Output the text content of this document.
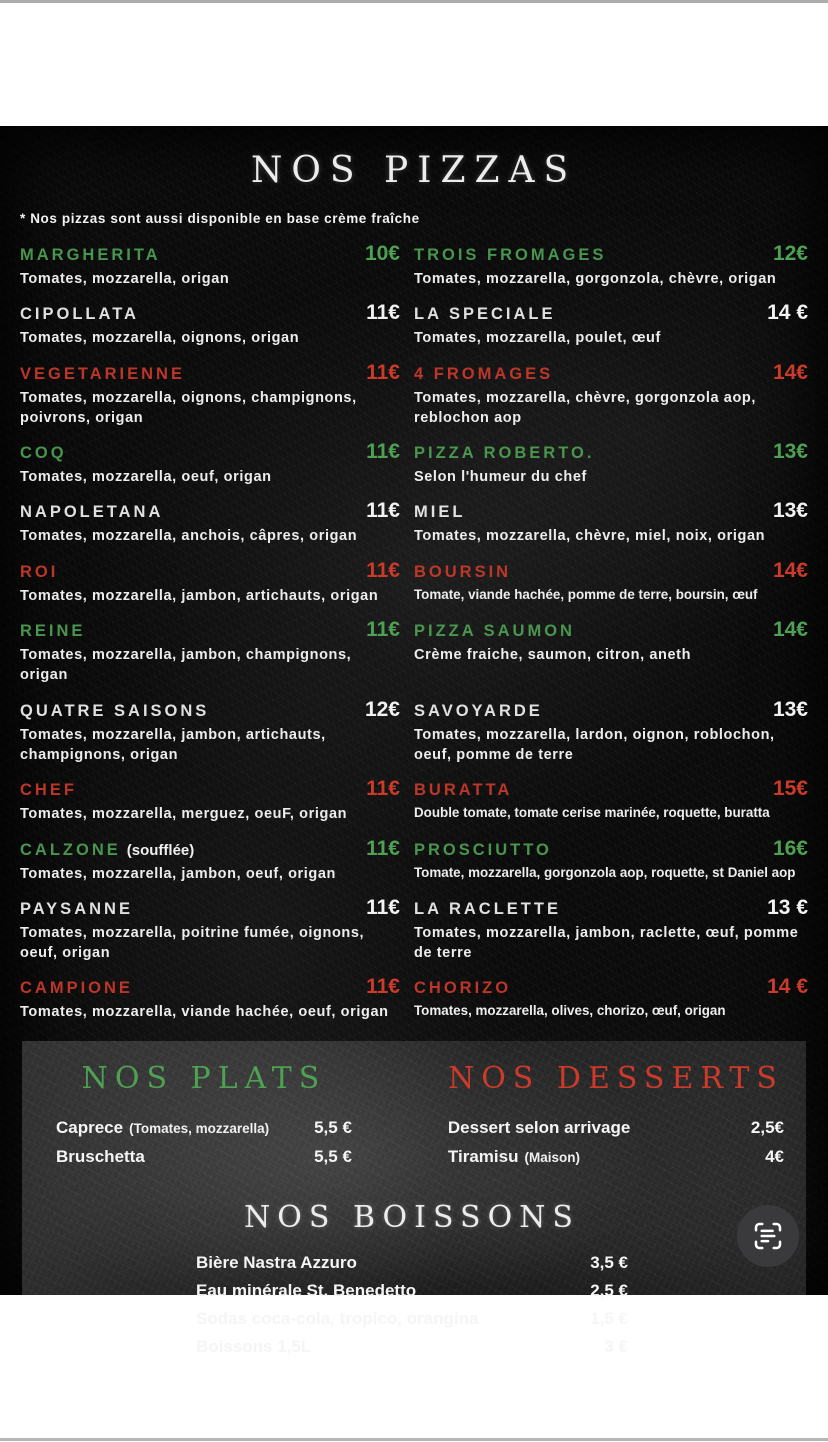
NOS PIZZAS

* Nos pizzas sont aussi disponible en base crème fraîche

MARGHERITA	10€
Tomates, mozzarella, origan
TROIS FROMAGES	12€
Tomates, mozzarella, gorgonzola, chèvre, origan
CIPOLLATA	11€
Tomates, mozzarella, oignons, origan
LA SPECIALE	14 €
Tomates, mozzarella, poulet, œuf
VEGETARIENNE	11€
Tomates, mozzarella, oignons, champignons, poivrons, origan
4 FROMAGES	14€
Tomates, mozzarella, chèvre, gorgonzola aop, reblochon aop
COQ	11€
Tomates, mozzarella, oeuf, origan
PIZZA ROBERTO.	13€
Selon l'humeur du chef
NAPOLETANA	11€
Tomates, mozzarella, anchois, câpres, origan
MIEL	13€
Tomates, mozzarella, chèvre, miel, noix, origan
ROI	11€
Tomates, mozzarella, jambon, artichauts, origan
BOURSIN	14€
Tomate, viande hachée, pomme de terre, boursin, œuf
REINE	11€
Tomates, mozzarella, jambon, champignons, origan
PIZZA SAUMON	14€
Crème fraiche, saumon, citron, aneth
QUATRE SAISONS	12€
Tomates, mozzarella, jambon, artichauts, champignons, origan
SAVOYARDE	13€
Tomates, mozzarella, lardon, oignon, roblochon, oeuf, pomme de terre
CHEF	11€
Tomates, mozzarella, merguez, oeuF, origan
BURATTA	15€
Double tomate, tomate cerise marinée, roquette, buratta
CALZONE (soufflée)	11€
Tomates, mozzarella, jambon, oeuf, origan
PROSCIUTTO	16€
Tomate, mozzarella, gorgonzola aop, roquette, st Daniel aop
PAYSANNE	11€
Tomates, mozzarella, poitrine fumée, oignons, oeuf, origan
LA RACLETTE	13 €
Tomates, mozzarella, jambon, raclette, œuf, pomme de terre
CAMPIONE	11€
Tomates, mozzarella, viande hachée, oeuf, origan
CHORIZO	14 €
Tomates, mozzarella, olives, chorizo, œuf, origan
NOS PLATS
Caprece (Tomates, mozzarella)	5,5 €
Bruschetta	5,5 €
NOS DESSERTS
Dessert selon arrivage	2,5€
Tiramisu (Maison)	4€
NOS BOISSONS
Bière Nastra Azzuro	3,5 €
Eau minérale St. Benedetto	2,5 €
Sodas coca-cola, tropico, orangina	1,5 €
Boissons 1,5L	3 €
